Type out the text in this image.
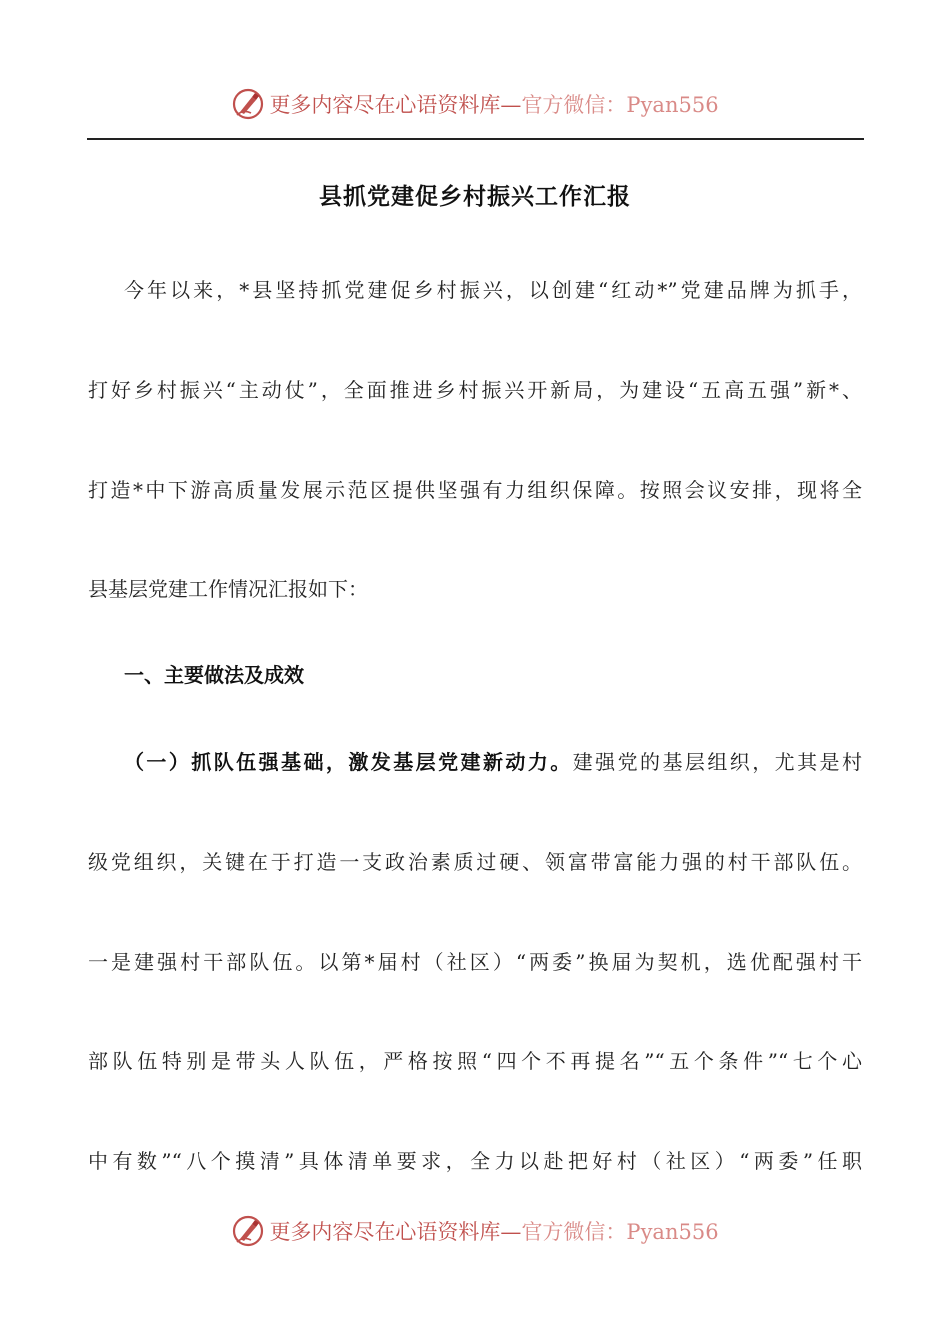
更多内容尽在心语资料库—官方微信：Pyan556
县抓党建促乡村振兴工作汇报
今年以来，*县坚持抓党建促乡村振兴，以创建“红动*”党建品牌为抓手，
打好乡村振兴“主动仗”，全面推进乡村振兴开新局，为建设“五高五强”新*、
打造*中下游高质量发展示范区提供坚强有力组织保障。按照会议安排，现将全
县基层党建工作情况汇报如下：
一、主要做法及成效
（一）抓队伍强基础，激发基层党建新动力。建强党的基层组织，尤其是村
级党组织，关键在于打造一支政治素质过硬、领富带富能力强的村干部队伍。
一是建强村干部队伍。以第*届村（社区）“两委”换届为契机，选优配强村干
部队伍特别是带头人队伍，严格按照“四个不再提名”“五个条件”“七个心
中有数”“八个摸清”具体清单要求，全力以赴把好村（社区）“两委”任职
更多内容尽在心语资料库—官方微信：Pyan556
